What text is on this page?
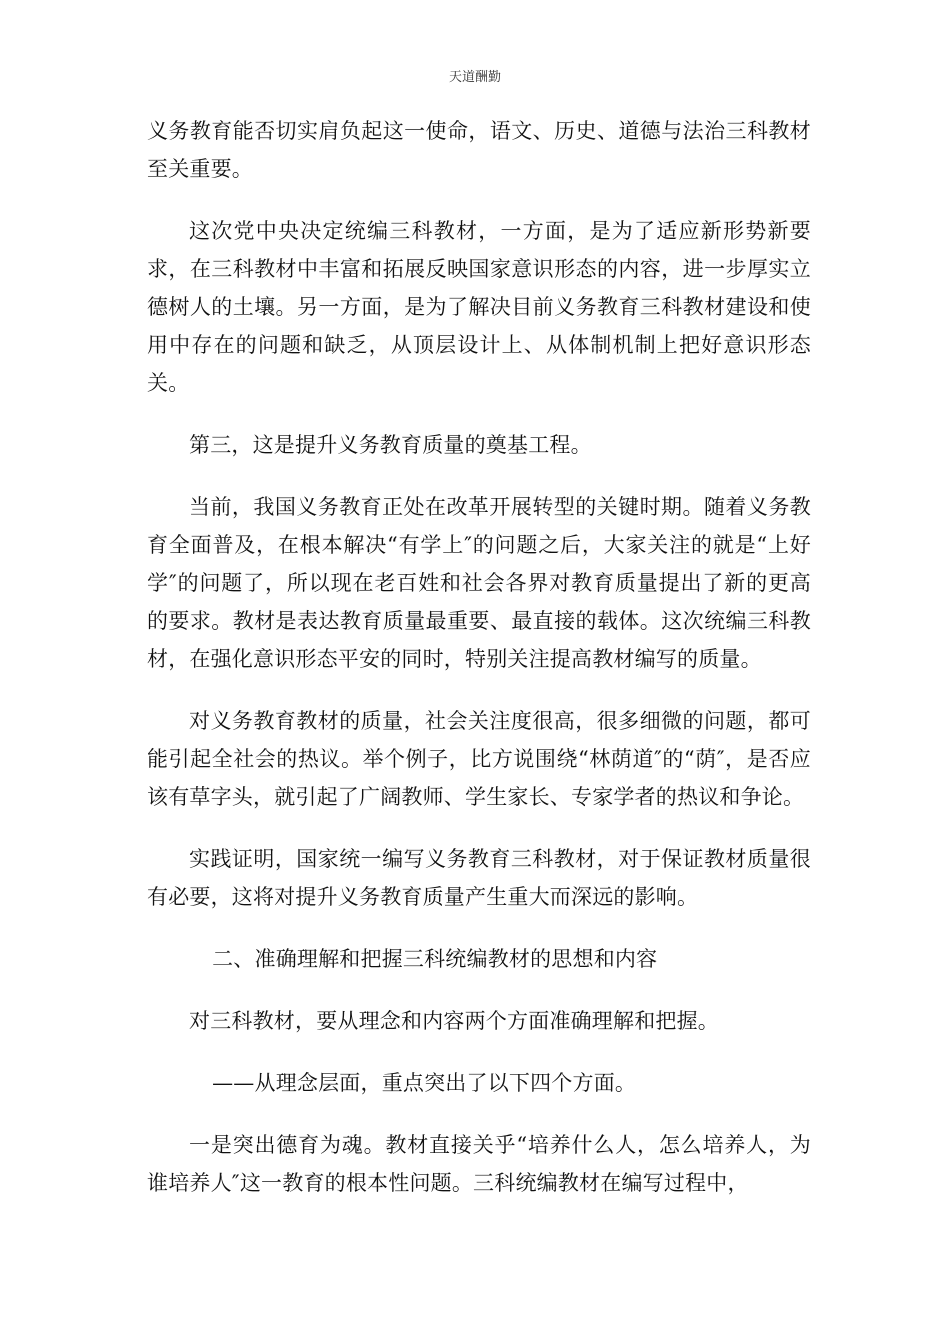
天道酬勤

义务教育能否切实肩负起这一使命，语文、历史、道德与法治三科教材至关重要。

这次党中央决定统编三科教材，一方面，是为了适应新形势新要求，在三科教材中丰富和拓展反映国家意识形态的内容，进一步厚实立德树人的土壤。另一方面，是为了解决目前义务教育三科教材建设和使用中存在的问题和缺乏，从顶层设计上、从体制机制上把好意识形态关。

第三，这是提升义务教育质量的奠基工程。

当前，我国义务教育正处在改革开展转型的关键时期。随着义务教育全面普及，在根本解决“有学上″的问题之后，大家关注的就是“上好学″的问题了，所以现在老百姓和社会各界对教育质量提出了新的更高的要求。教材是表达教育质量最重要、最直接的载体。这次统编三科教材，在强化意识形态平安的同时，特别关注提高教材编写的质量。

对义务教育教材的质量，社会关注度很高，很多细微的问题，都可能引起全社会的热议。举个例子，比方说围绕“林荫道″的“荫″，是否应该有草字头，就引起了广阔教师、学生家长、专家学者的热议和争论。

实践证明，国家统一编写义务教育三科教材，对于保证教材质量很有必要，这将对提升义务教育质量产生重大而深远的影响。

二、准确理解和把握三科统编教材的思想和内容

对三科教材，要从理念和内容两个方面准确理解和把握。

——从理念层面，重点突出了以下四个方面。

一是突出德育为魂。教材直接关乎“培养什么人，怎么培养人，为谁培养人″这一教育的根本性问题。三科统编教材在编写过程中，
